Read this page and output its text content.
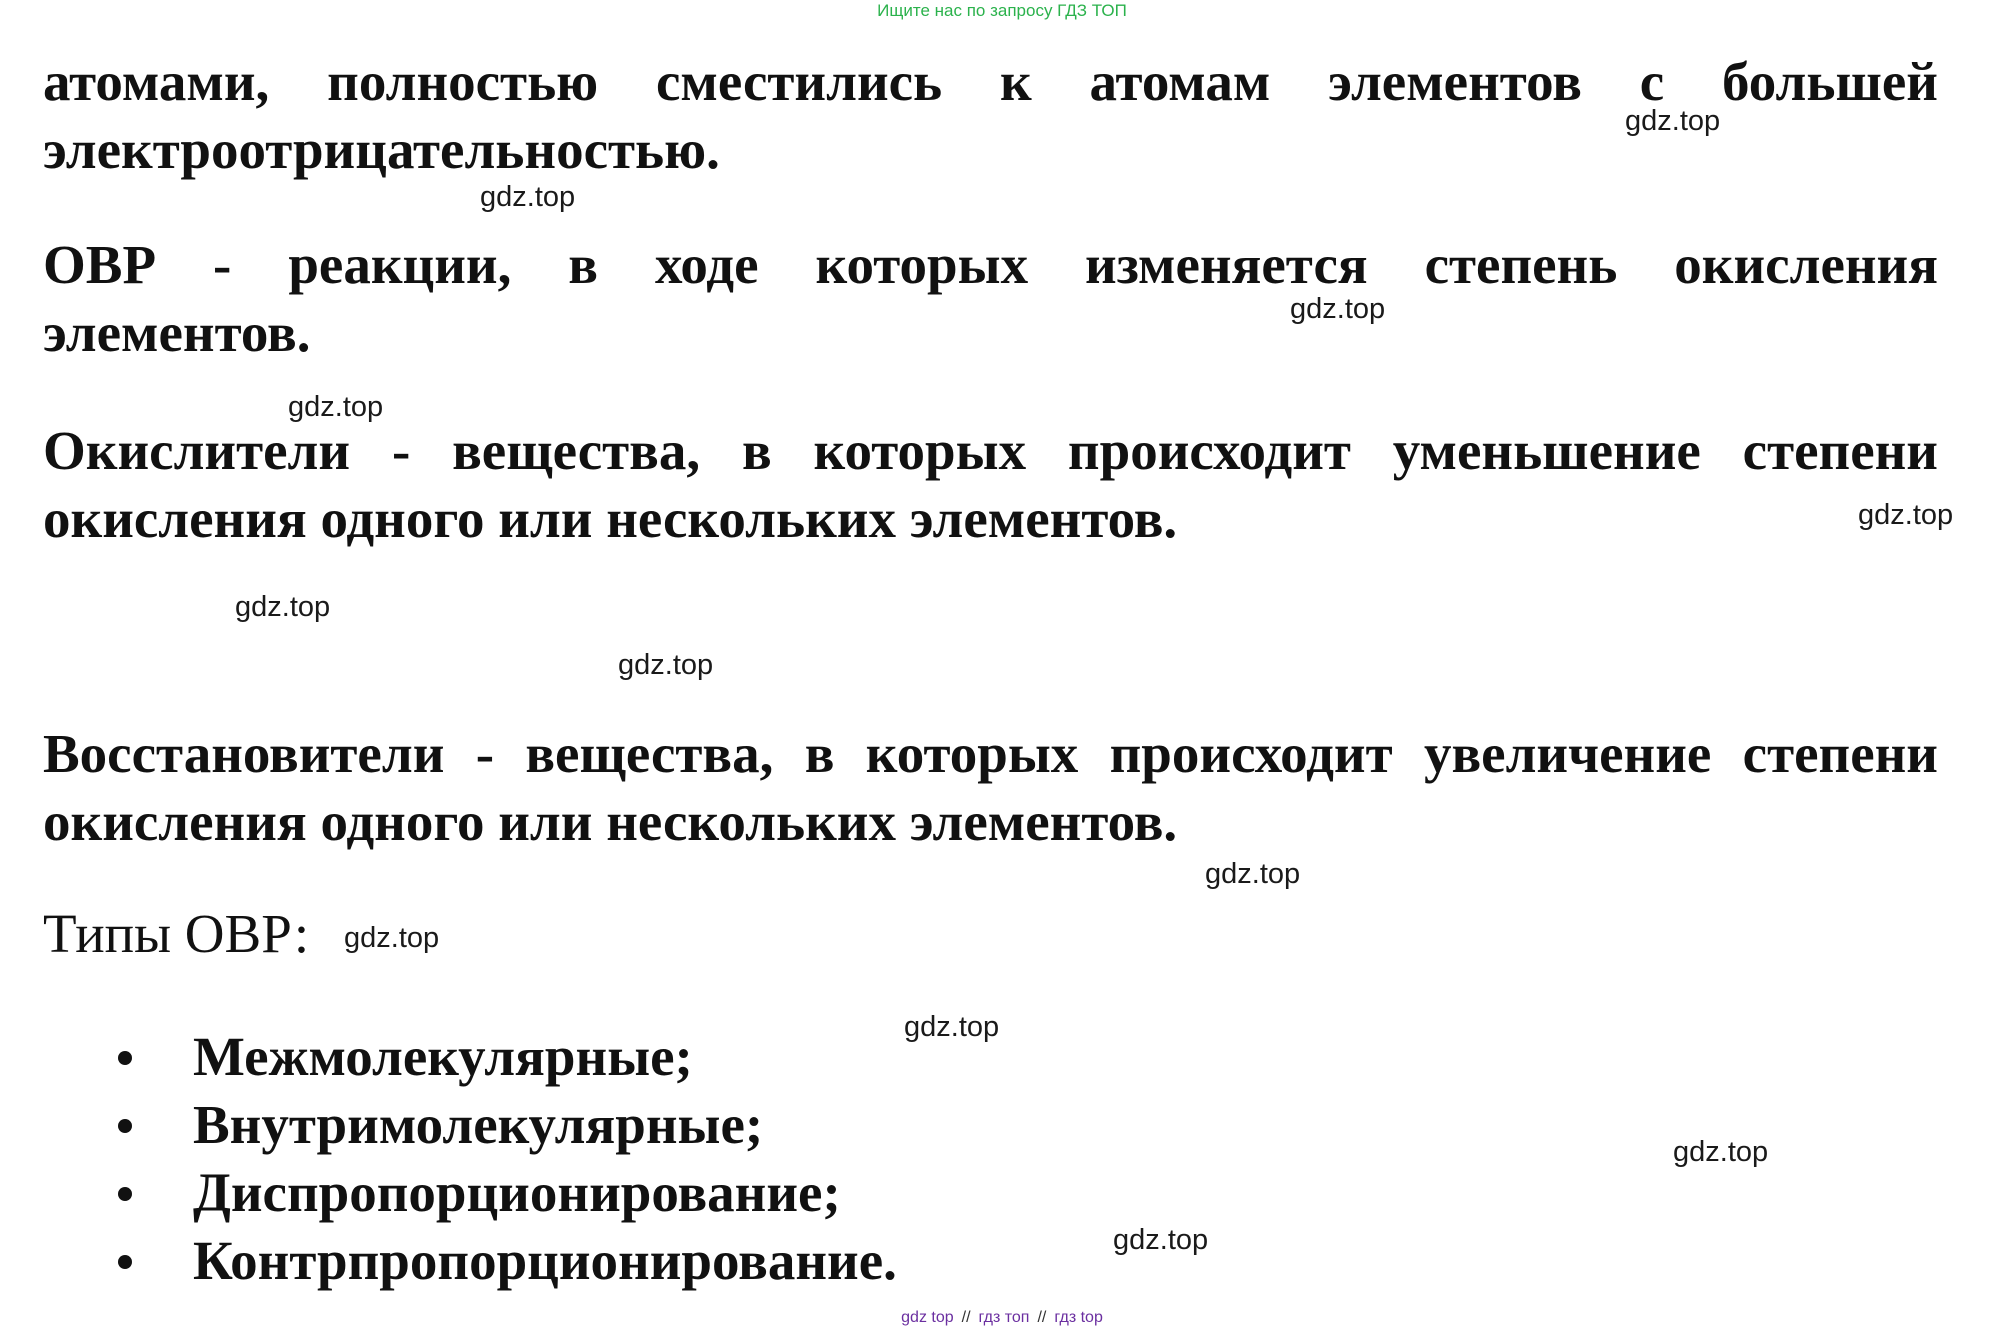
Ищите нас по запросу ГДЗ ТОП
атомами, полностью сместились к атомам элементов с большей
электроотрицательностью.
ОВР - реакции, в ходе которых изменяется степень окисления
элементов.
Окислители - вещества, в которых происходит уменьшение степени
окисления одного или нескольких элементов.
Восстановители - вещества, в которых происходит увеличение степени
окисления одного или нескольких элементов.
Типы ОВР:
Межмолекулярные;
Внутримолекулярные;
Диспропорционирование;
Контрпропорционирование.
gdz.top
gdz.top
gdz.top
gdz.top
gdz.top
gdz.top
gdz.top
gdz.top
gdz.top
gdz.top
gdz.top
gdz.top
gdz top // гдз топ // гдз top
